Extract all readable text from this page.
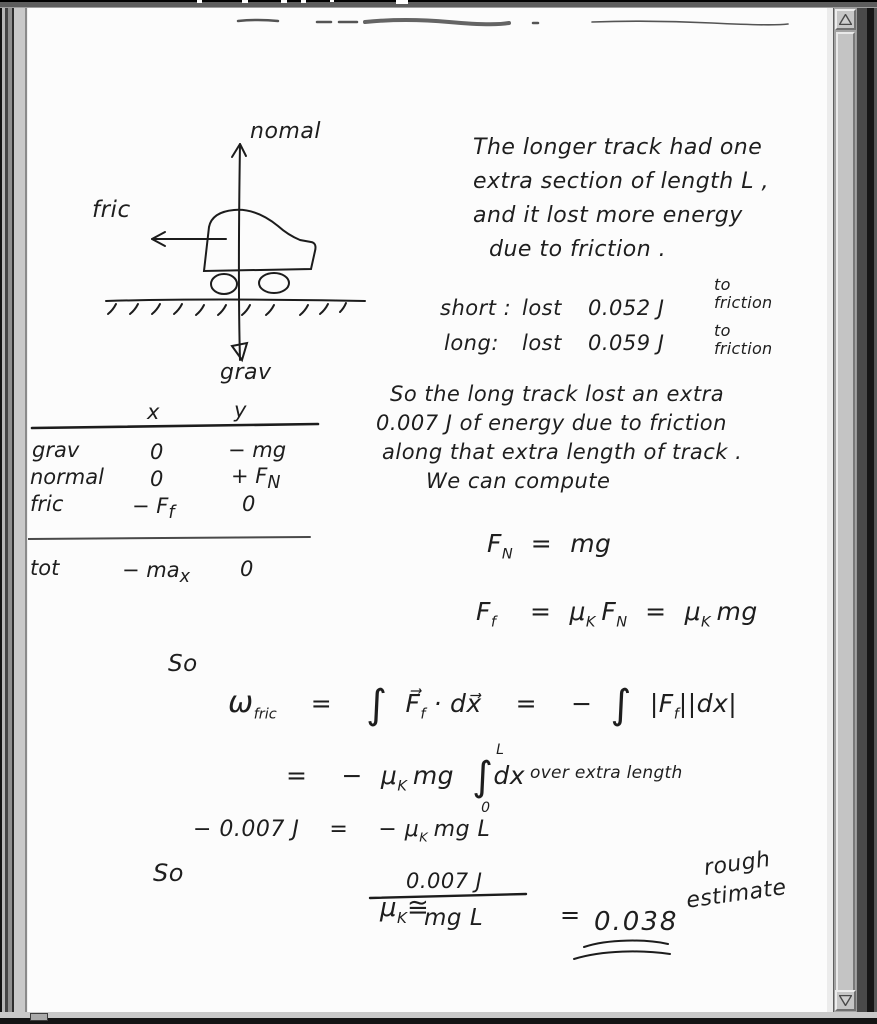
nomal
fric
grav
x	y
grav	0	− mg
normal 0	+ $F_N$
fric	− $F_f$	0
tot	− $ma_x$ 0
The longer track had one
extra section of length L ,
and it lost more energy
due to friction .
short : lost 0.052 J
to
friction
long: lost 0.059 J
to
friction
So the long track lost an extra
0.007 J of energy due to friction
along that extra length of track .
We can compute
$F_N$ = mg
$F_f = \mu_K$ $F_N = \mu_K$ mg
So
$\omega_{fric}$ = ∫ $F⃗_f$ · dx⃗ = − ∫ $|F_f||dx|$
= − $\mu_K$ mg ∫
L
0
dx over extra length
− 0.007 J = − $\mu_K$ mg L
So
$\mu_K≅$
0.007 J
mg L	= 0.038
rough
estimate
